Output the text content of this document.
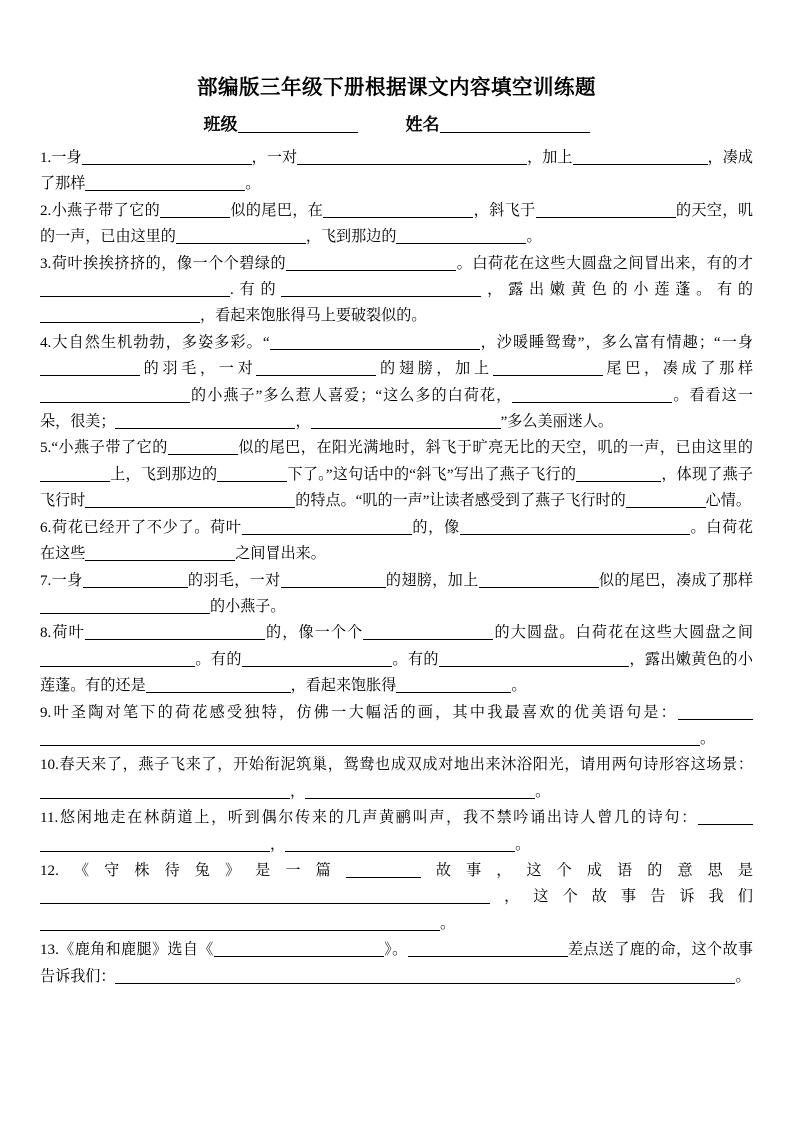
部编版三年级下册根据课文内容填空训练题
班级	姓名

1.一身	，一对	，加上	，凑成了那样	。

2.小燕子带了它的	似的尾巴，在	，斜飞于	的天空，叽的一声，已由这里的	，飞到那边的	。

3.荷叶挨挨挤挤的，像一个个碧绿的	。白荷花在这些大圆盘之间冒出来，有的才.有的	，露出嫩黄色的小莲蓬。有的，看起来饱胀得马上要破裂似的。

4.大自然生机勃勃，多姿多彩。“	，沙暖睡鸳鸯”，多么富有情趣；“一身的羽毛，一对	的翅膀，加上	尾巴，凑成了那样的小燕子”多么惹人喜爱；“这么多的白荷花，	。看看这一朵，很美；	，	”多么美丽迷人。

5.“小燕子带了它的	似的尾巴，在阳光满地时，斜飞于旷亮无比的天空，叽的一声，已由这里的上，飞到那边的	下了。”这句话中的“斜飞”写出了燕子飞行的	，体现了燕子飞行时	的特点。“叽的一声”让读者感受到了燕子飞行时的	心情。

6.荷花已经开了不少了。荷叶	的，像	。白荷花在这些	之间冒出来。

7.一身	的羽毛，一对	的翅膀，加上	似的尾巴，凑成了那样的小燕子。

8.荷叶	的，像一个个	的大圆盘。白荷花在这些大圆盘之间。有的	。有的	，露出嫩黄色的小莲蓬。有的还是	，看起来饱胀得	。

9.叶圣陶对笔下的荷花感受独特，仿佛一大幅活的画，其中我最喜欢的优美语句是：。

10.春天来了，燕子飞来了，开始衔泥筑巢，鸳鸯也成双成对地出来沐浴阳光，请用两句诗形容这场景：，	。

11.悠闲地走在林荫道上，听到偶尔传来的几声黄鹂叫声，我不禁吟诵出诗人曾几的诗句：，	。

12.《守株待兔》是一篇	故事，这个成语的意思是，这个故事告诉我们。

13.《鹿角和鹿腿》选自《	》。	差点送了鹿的命，这个故事告诉我们：	。
